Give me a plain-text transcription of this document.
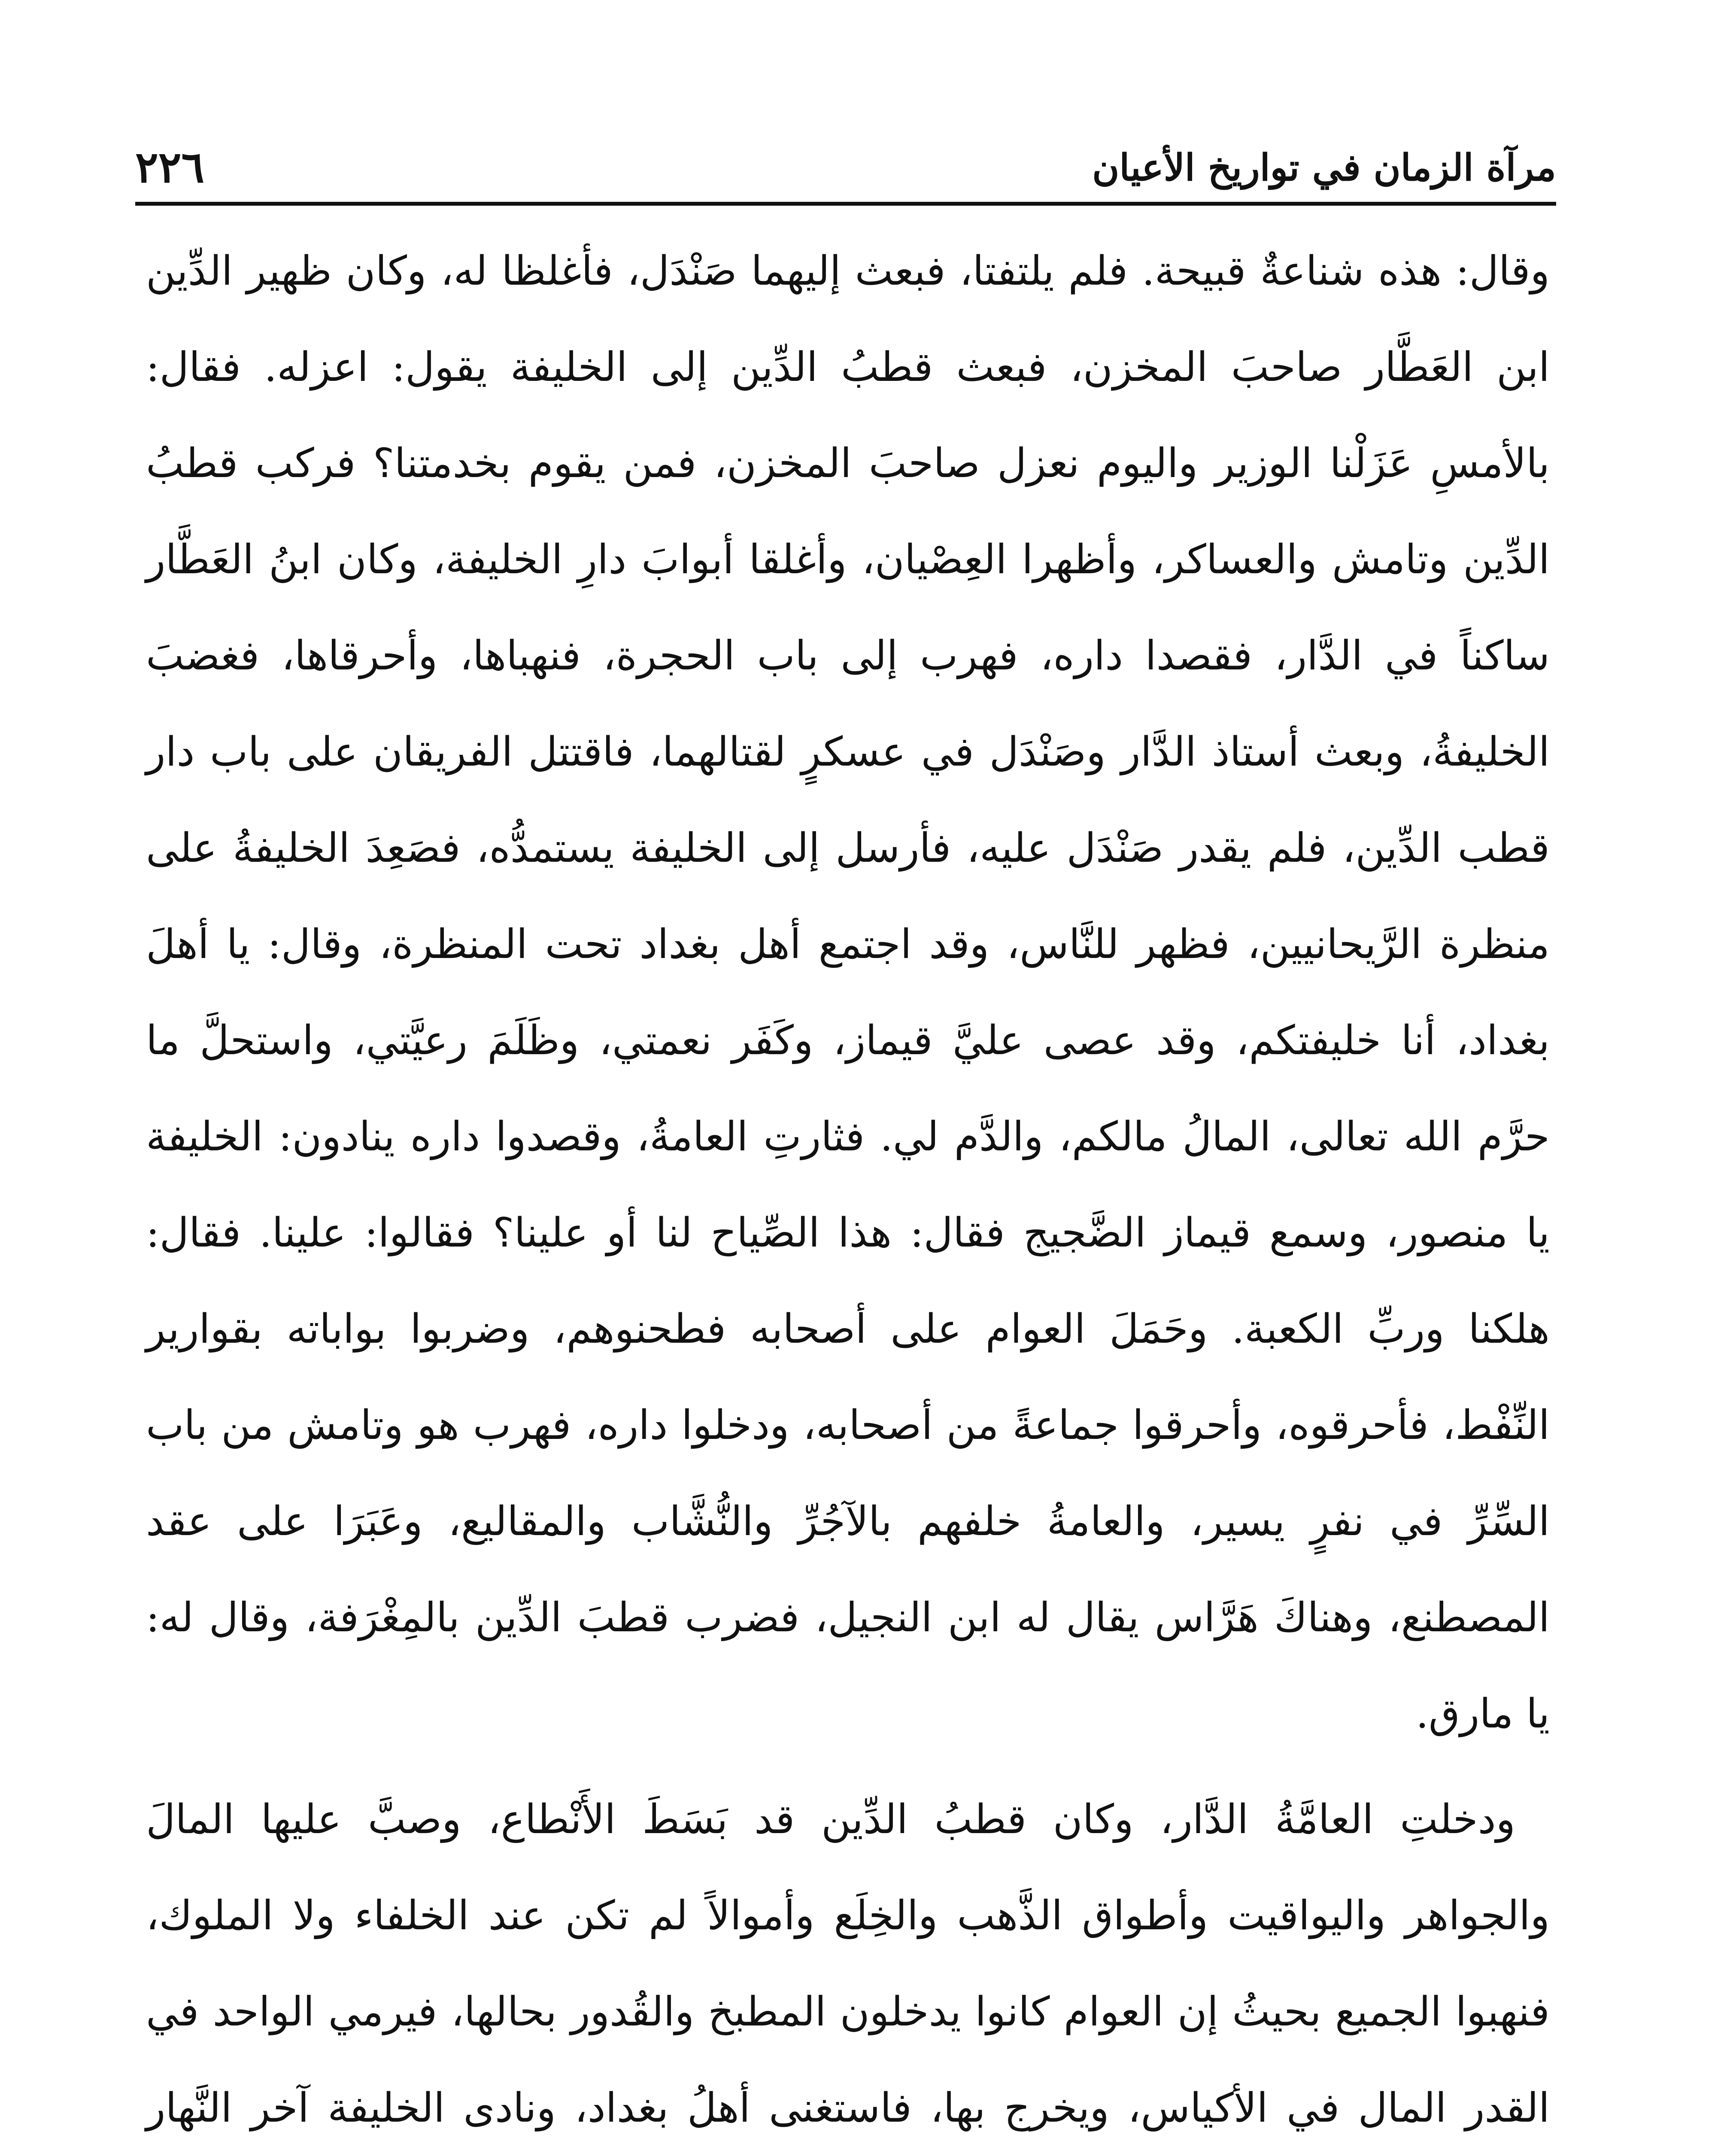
مرآة الزمان في تواريخ الأعيان
٢٢٦

وقال: هذه شناعةٌ قبيحة. فلم يلتفتا، فبعث إليهما صَنْدَل، فأغلظا له، وكان ظهير الدِّين ابن العَطَّار صاحبَ المخزن، فبعث قطبُ الدِّين إلى الخليفة يقول: اعزله. فقال: بالأمسِ عَزَلْنا الوزير واليوم نعزل صاحبَ المخزن، فمن يقوم بخدمتنا؟ فركب قطبُ الدِّين وتامش والعساكر، وأظهرا العِصْيان، وأغلقا أبوابَ دارِ الخليفة، وكان ابنُ العَطَّار ساكناً في الدَّار، فقصدا داره، فهرب إلى باب الحجرة، فنهباها، وأحرقاها، فغضبَ الخليفةُ، وبعث أستاذ الدَّار وصَنْدَل في عسكرٍ لقتالهما، فاقتتل الفريقان على باب دار قطب الدِّين، فلم يقدر صَنْدَل عليه، فأرسل إلى الخليفة يستمدُّه، فصَعِدَ الخليفةُ على منظرة الرَّيحانيين، فظهر للنَّاس، وقد اجتمع أهل بغداد تحت المنظرة، وقال: يا أهلَ بغداد، أنا خليفتكم، وقد عصى عليَّ قيماز، وكَفَر نعمتي، وظَلَمَ رعيَّتي، واستحلَّ ما حرَّم الله تعالى، المالُ مالكم، والدَّم لي. فثارتِ العامةُ، وقصدوا داره ينادون: الخليفة يا منصور، وسمع قيماز الضَّجيج فقال: هذا الصِّياح لنا أو علينا؟ فقالوا: علينا. فقال: هلكنا وربِّ الكعبة. وحَمَلَ العوام على أصحابه فطحنوهم، وضربوا بواباته بقوارير النِّفْط، فأحرقوه، وأحرقوا جماعةً من أصحابه، ودخلوا داره، فهرب هو وتامش من باب السِّرِّ في نفرٍ يسير، والعامةُ خلفهم بالآجُرِّ والنُّشَّاب والمقاليع، وعَبَرَا على عقد المصطنع، وهناكَ هَرَّاس يقال له ابن النجيل، فضرب قطبَ الدِّين بالمِغْرَفة، وقال له: يا مارق.

ودخلتِ العامَّةُ الدَّار، وكان قطبُ الدِّين قد بَسَطَ الأَنْطاع، وصبَّ عليها المالَ والجواهر واليواقيت وأطواق الذَّهب والخِلَع وأموالاً لم تكن عند الخلفاء ولا الملوك، فنهبوا الجميع بحيثُ إن العوام كانوا يدخلون المطبخ والقُدور بحالها، فيرمي الواحد في القدر المال في الأكياس، ويخرج بها، فاستغنى أهلُ بغداد، ونادى الخليفة آخر النَّهار
